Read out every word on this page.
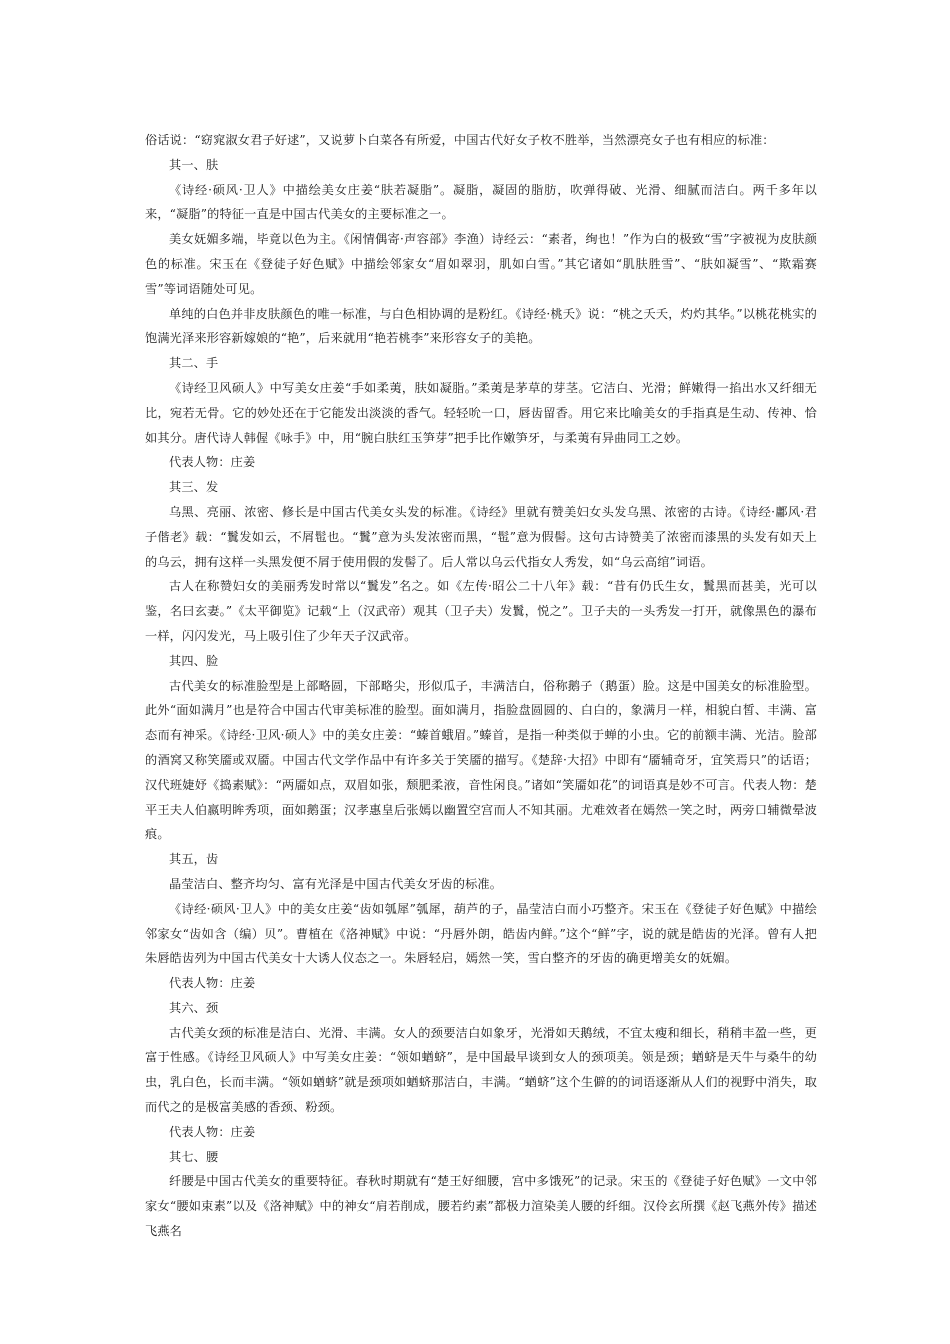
俗话说：“窈窕淑女君子好逑”，又说萝卜白菜各有所爱，中国古代好女子枚不胜举，当然漂亮女子也有相应的标准：

其一、肤

《诗经·硕风·卫人》中描绘美女庄姜“肤若凝脂”。凝脂，凝固的脂肪，吹弹得破、光滑、细腻而洁白。两千多年以来，“凝脂”的特征一直是中国古代美女的主要标准之一。

美女妩媚多端，毕竟以色为主。《闲情偶寄·声容部》李渔）诗经云：“素者，绚也！”作为白的极致“雪”字被视为皮肤颜色的标准。宋玉在《登徒子好色赋》中描绘邻家女“眉如翠羽，肌如白雪。”其它诸如“肌肤胜雪”、“肤如凝雪”、“欺霜赛雪”等词语随处可见。

单纯的白色并非皮肤颜色的唯一标准，与白色相协调的是粉红。《诗经·桃夭》说：“桃之夭夭，灼灼其华。”以桃花桃实的饱满光泽来形容新嫁娘的“艳”，后来就用“艳若桃李”来形容女子的美艳。

其二、手

《诗经卫风硕人》中写美女庄姜“手如柔荑，肤如凝脂。”柔荑是茅草的芽茎。它洁白、光滑；鲜嫩得一掐出水又纤细无比，宛若无骨。它的妙处还在于它能发出淡淡的香气。轻轻吮一口，唇齿留香。用它来比喻美女的手指真是生动、传神、恰如其分。唐代诗人韩偓《咏手》中，用“腕白肤红玉笋芽”把手比作嫩笋牙，与柔荑有异曲同工之妙。

代表人物：庄姜

其三、发

乌黑、亮丽、浓密、修长是中国古代美女头发的标准。《诗经》里就有赞美妇女头发乌黑、浓密的古诗。《诗经·鄘风·君子偕老》载：“鬒发如云，不屑髢也。“鬒”意为头发浓密而黑，“髢”意为假髻。这句古诗赞美了浓密而漆黑的头发有如天上的乌云，拥有这样一头黑发便不屑于使用假的发髻了。后人常以乌云代指女人秀发，如“乌云高绾”词语。

古人在称赞妇女的美丽秀发时常以“鬒发”名之。如《左传·昭公二十八年》载：“昔有仍氏生女，鬒黑而甚美，光可以鉴，名曰玄妻。”《太平御览》记载“上（汉武帝）观其（卫子夫）发鬒，悦之”。卫子夫的一头秀发一打开，就像黑色的瀑布一样，闪闪发光，马上吸引住了少年天子汉武帝。

其四、脸

古代美女的标准脸型是上部略圆，下部略尖，形似瓜子，丰满洁白，俗称鹅子（鹅蛋）脸。这是中国美女的标准脸型。此外“面如满月”也是符合中国古代审美标准的脸型。面如满月，指脸盘圆圆的、白白的，象满月一样，相貌白皙、丰满、富态而有神采。《诗经·卫风·硕人》中的美女庄姜：“螓首蛾眉。”螓首，是指一种类似于蝉的小虫。它的前额丰满、光洁。脸部的酒窝又称笑靥或双靥。中国古代文学作品中有许多关于笑靥的描写。《楚辞·大招》中即有“靥辅奇牙，宜笑焉只”的话语；汉代班婕妤《捣素赋》：“两靥如点，双眉如张，颓肥柔液，音性闲良。”诸如“笑靥如花”的词语真是妙不可言。代表人物：楚平王夫人伯嬴明眸秀项，面如鹅蛋；汉孝惠皇后张嫣以幽置空宫而人不知其丽。尤难效者在嫣然一笑之时，两旁口辅微晕波痕。

其五，齿

晶莹洁白、整齐均匀、富有光泽是中国古代美女牙齿的标准。

《诗经·硕风·卫人》中的美女庄姜“齿如瓠犀”瓠犀，葫芦的子，晶莹洁白而小巧整齐。宋玉在《登徒子好色赋》中描绘邻家女“齿如含（编）贝”。曹植在《洛神赋》中说：“丹唇外朗，皓齿内鲜。”这个“鲜”字，说的就是皓齿的光泽。曾有人把朱唇皓齿列为中国古代美女十大诱人仪态之一。朱唇轻启，嫣然一笑，雪白整齐的牙齿的确更增美女的妩媚。

代表人物：庄姜

其六、颈

古代美女颈的标准是洁白、光滑、丰满。女人的颈要洁白如象牙，光滑如天鹅绒，不宜太瘦和细长，稍稍丰盈一些，更富于性感。《诗经卫风硕人》中写美女庄姜：“领如蝤蛴”，是中国最早谈到女人的颈项美。领是颈；蝤蛴是天牛与桑牛的幼虫，乳白色，长而丰满。“领如蝤蛴”就是颈项如蝤蛴那洁白，丰满。“蝤蛴”这个生僻的的词语逐渐从人们的视野中消失，取而代之的是极富美感的香颈、粉颈。

代表人物：庄姜

其七、腰

纤腰是中国古代美女的重要特征。春秋时期就有“楚王好细腰，宫中多饿死”的记录。宋玉的《登徒子好色赋》一文中邻家女“腰如束素”以及《洛神赋》中的神女“肩若削成，腰若约素”都极力渲染美人腰的纤细。汉伶玄所撰《赵飞燕外传》描述飞燕名
